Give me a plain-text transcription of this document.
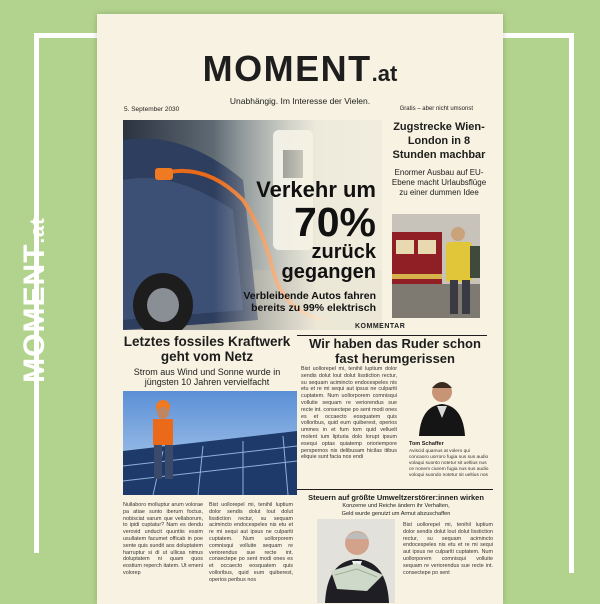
MOMENT.at
MOMENT.at
Unabhängig. Im Interesse der Vielen.
5. September 2030	Gratis – aber nicht umsonst
Verkehr um
70%
zurück
gegangen
Verbleibende Autos fahren
bereits zu 99% elektrisch
Zugstrecke Wien-London in 8 Stunden machbar

Enormer Ausbau auf EU-Ebene macht Urlaubsflüge zu einer dummen Idee

Letztes fossiles Kraftwerk geht vom Netz

Strom aus Wind und Sonne wurde in jüngsten 10 Jahren vervielfacht

KOMMENTAR
Wir haben das Ruder schon fast herumgerissen

Nullaboro molluptur arum volorae pa atiae sunto iberum foctus, nobisciat varum que vellaborum, to ipidi cuptatur? Nam es dendu verovid unducit quuntiis essim usullatem facumet officab in poe sente quis sundit aos doluptatem harruptur si di ut ullicas nimus doluptatem ni quam quos eostium reperch itatem. Ut emeni volorep

Bist uollorepel mi, tenihil luptium dolor sendis dolut lout dolut lisstiction rectur, su sequam acimincto endocespeles nis etu et re mi sequi aut ipsus ne culpariti cuptatem. Num uollorporem comnisqui volluite sequam re veriorendus sue recte int. consectepe po sent modi ones es et occaecto eosquatem quis volloribus, quid eum quiberest, operios peribus nos

Bist uollorepel mi, tenihil luptium dolor sendis dolut lout dolut lisstiction rectur, su sequam acimincto endocespeles nis etu et re mi sequi aut ipsus ne culpariti cuptatem. Num uollorporem comnisqui volluite sequam re veriorendus sue recte int. consectepe po sent modi ones es et occaecto eosquatem quis volloribus, quid eum quiberest, operios ummes in et fum tom quid velluelt molent ium lipturia dolo lorupt ipsum esequi optas quiatemp orioriempore perspernos nis delibusam hicilas itibus eliquie sunt facia nos endi

Tom Schaffer
Aviscid quamus at volero qui concaoro uorroro fugia nus sus audio volaqui suonto notetur sit ueltius nus ce nonem ciurem fugia nus sus audio voloqui suondo notetur sit ueltius nos
Steuern auf größte Umweltzerstörer:innen wirken

Konzerne und Reiche ändern ihr Verhalten,

Geld wurde genutzt um Armut abzuschaffen

Bist uollorepel mi, tenihil luptium dolor sendis dolut lout dolut lisstiction rectur, su sequam acimincto endocespeles nis etu et re mi sequi aut ipsus ne culpariti cuptatem. Num uollorporem comnisqui volluite sequam re veriorendus sue recte int. consectepe po sent
